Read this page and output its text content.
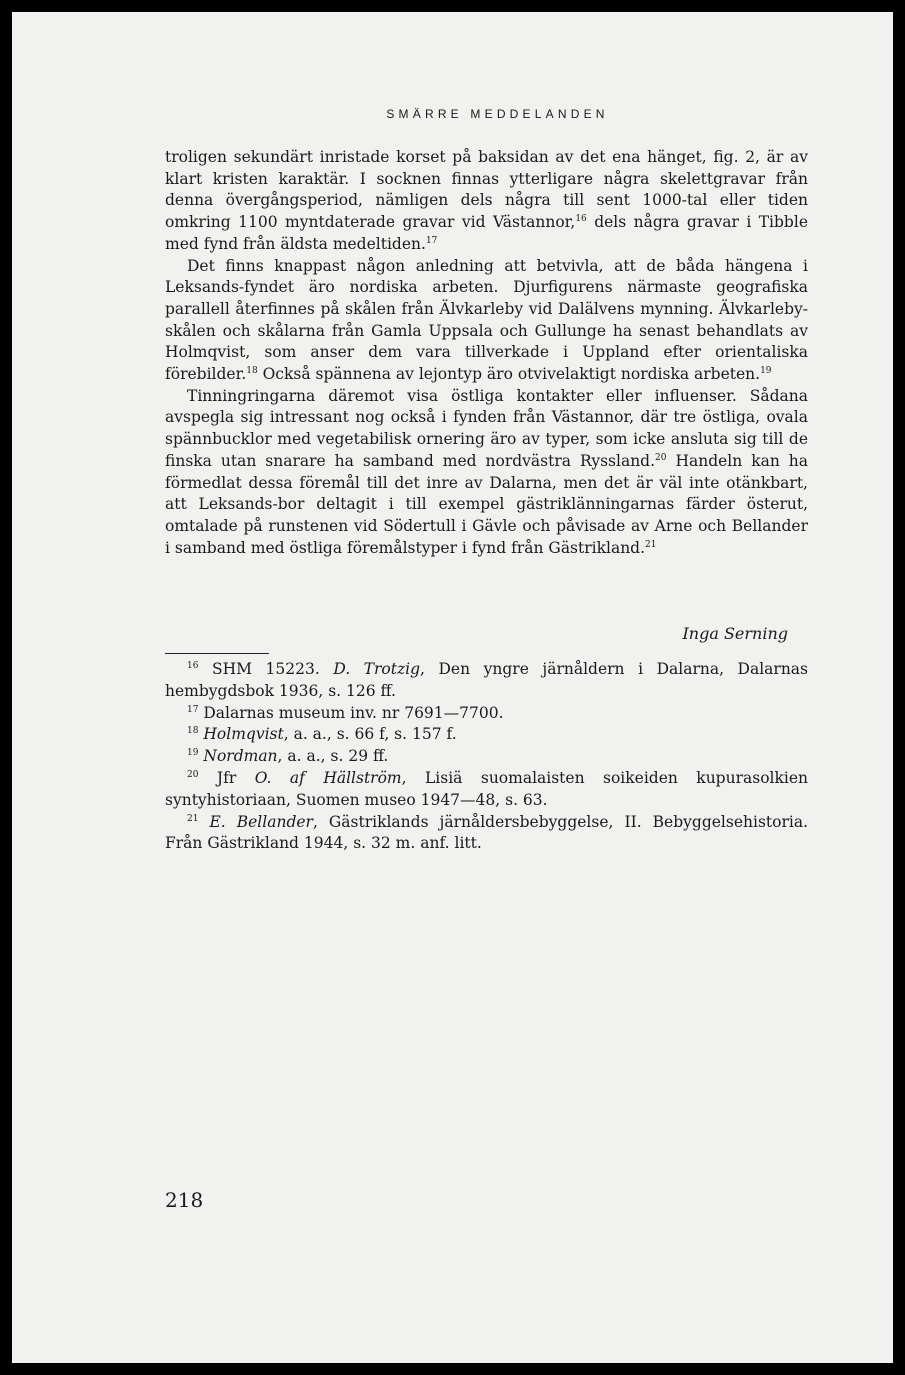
SMÄRRE MEDDELANDEN

troligen sekundärt inristade korset på baksidan av det ena hänget, fig. 2, är av klart kristen karaktär. I socknen finnas ytterligare några skelettgravar från denna övergångsperiod, nämligen dels några till sent 1000-tal eller tiden omkring 1100 myntdaterade gravar vid Västannor,$^{16}$ dels några gravar i Tibble med fynd från äldsta medeltiden.$^{17}$

Det finns knappast någon anledning att betvivla, att de båda hängena i Leksands-fyndet äro nordiska arbeten. Djurfigurens närmaste geografiska parallell återfinnes på skålen från Älvkarleby vid Dalälvens mynning. Älvkarleby-skålen och skålarna från Gamla Uppsala och Gullunge ha senast behandlats av Holmqvist, som anser dem vara tillverkade i Uppland efter orientaliska förebilder.$^{18}$ Också spännena av lejontyp äro otvivelaktigt nordiska arbeten.$^{19}$

Tinningringarna däremot visa östliga kontakter eller influenser. Sådana avspegla sig intressant nog också i fynden från Västannor, där tre östliga, ovala spännbucklor med vegetabilisk ornering äro av typer, som icke ansluta sig till de finska utan snarare ha samband med nordvästra Ryssland.$^{20}$ Handeln kan ha förmedlat dessa föremål till det inre av Dalarna, men det är väl inte otänkbart, att Leksands-bor deltagit i till exempel gästriklänningarnas färder österut, omtalade på runstenen vid Södertull i Gävle och påvisade av Arne och Bellander i samband med östliga föremålstyper i fynd från Gästrikland.$^{21}$

Inga Serning

$^{16}$ SHM 15223. D. Trotzig, Den yngre järnåldern i Dalarna, Dalarnas hembygdsbok 1936, s. 126 ff.

$^{17}$ Dalarnas museum inv. nr 7691—7700.

$^{18}$ Holmqvist, a. a., s. 66 f, s. 157 f.

$^{19}$ Nordman, a. a., s. 29 ff.

$^{20}$ Jfr O. af Hällström, Lisiä suomalaisten soikeiden kupurasolkien syntyhistoriaan, Suomen museo 1947—48, s. 63.

$^{21}$ E. Bellander, Gästriklands järnåldersbebyggelse, II. Bebyggelsehistoria. Från Gästrikland 1944, s. 32 m. anf. litt.

218
